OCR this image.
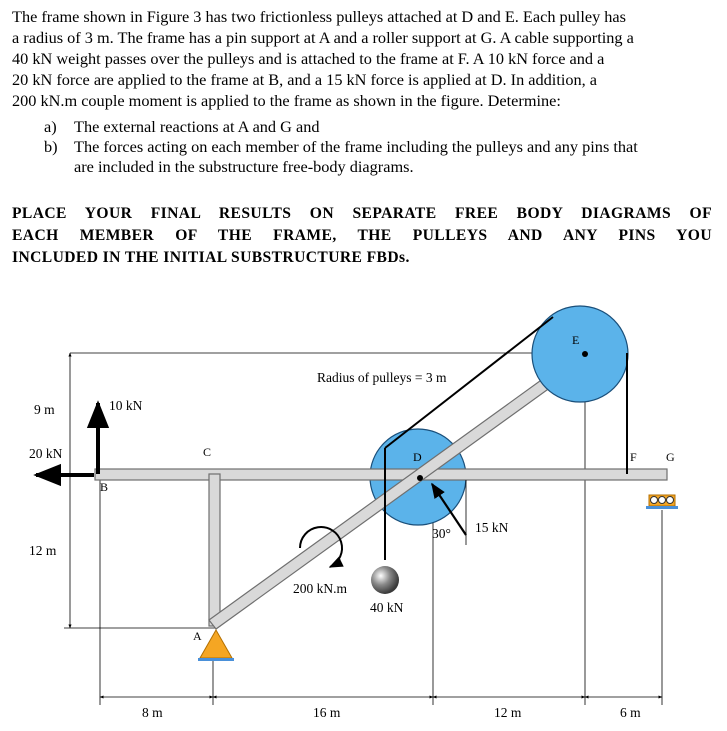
The frame shown in Figure 3 has two frictionless pulleys attached at D and E. Each pulley has
a radius of 3 m. The frame has a pin support at A and a roller support at G. A cable supporting a
40 kN weight passes over the pulleys and is attached to the frame at F. A 10 kN force and a
20 kN force are applied to the frame at B, and a 15 kN force is applied at D. In addition, a
200 kN.m couple moment is applied to the frame as shown in the figure. Determine:
a) The external reactions at A and G and
b) The forces acting on each member of the frame including the pulleys and any pins that
are included in the substructure free-body diagrams.
PLACE YOUR FINAL RESULTS ON SEPARATE FREE BODY DIAGRAMS OF
EACH MEMBER OF THE FRAME, THE PULLEYS AND ANY PINS YOU
INCLUDED IN THE INITIAL SUBSTRUCTURE FBDs.
Radius of pulleys = 3 m
9 m
12 m
10 kN
20 kN
B
C	D
E
F G
A
30° 15 kN
200 kN.m
40 kN
8 m	16 m	12 m	6 m
